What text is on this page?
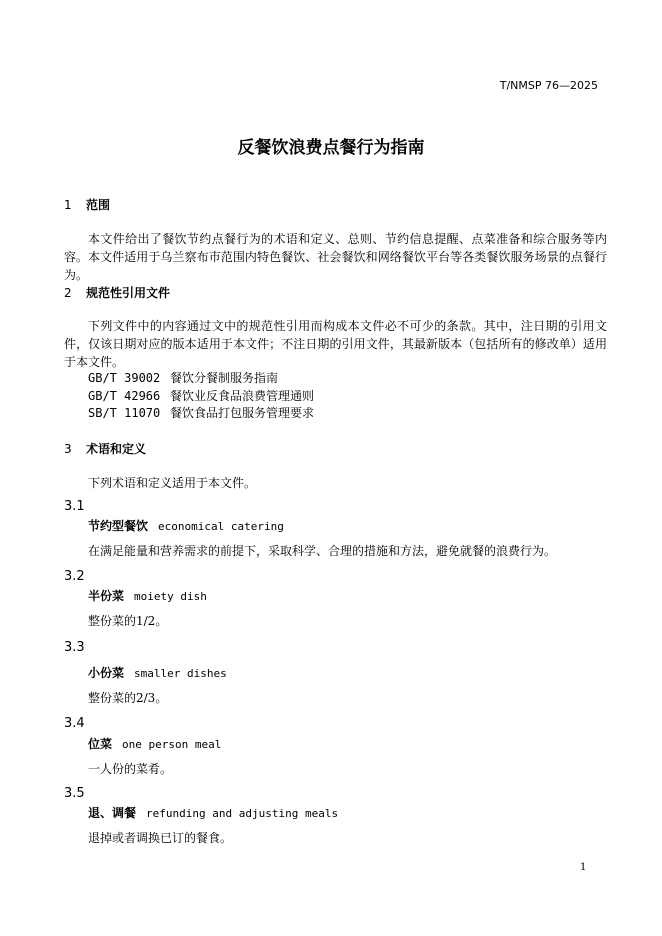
T/NMSP 76—2025
反餐饮浪费点餐行为指南
1 范围
本文件给出了餐饮节约点餐行为的术语和定义、总则、节约信息提醒、点菜准备和综合服务等内容。 本文件适用于乌兰察布市范围内特色餐饮、社会餐饮和网络餐饮平台等各类餐饮服务场景的点餐行为。
2 规范性引用文件
下列文件中的内容通过文中的规范性引用而构成本文件必不可少的条款。其中，注日期的引用文件，仅该日期对应的版本适用于本文件；不注日期的引用文件，其最新版本（包括所有的修改单）适用于本文件。
GB/T 39002 餐饮分餐制服务指南
GB/T 42966 餐饮业反食品浪费管理通则
SB/T 11070 餐饮食品打包服务管理要求
3 术语和定义
下列术语和定义适用于本文件。
3.1
节约型餐饮 economical catering
在满足能量和营养需求的前提下，采取科学、合理的措施和方法，避免就餐的浪费行为。
3.2
半份菜 moiety dish
整份菜的1/2。
3.3
小份菜 smaller dishes
整份菜的2/3。
3.4
位菜 one person meal
一人份的菜肴。
3.5
退、调餐 refunding and adjusting meals
退掉或者调换已订的餐食。
1
